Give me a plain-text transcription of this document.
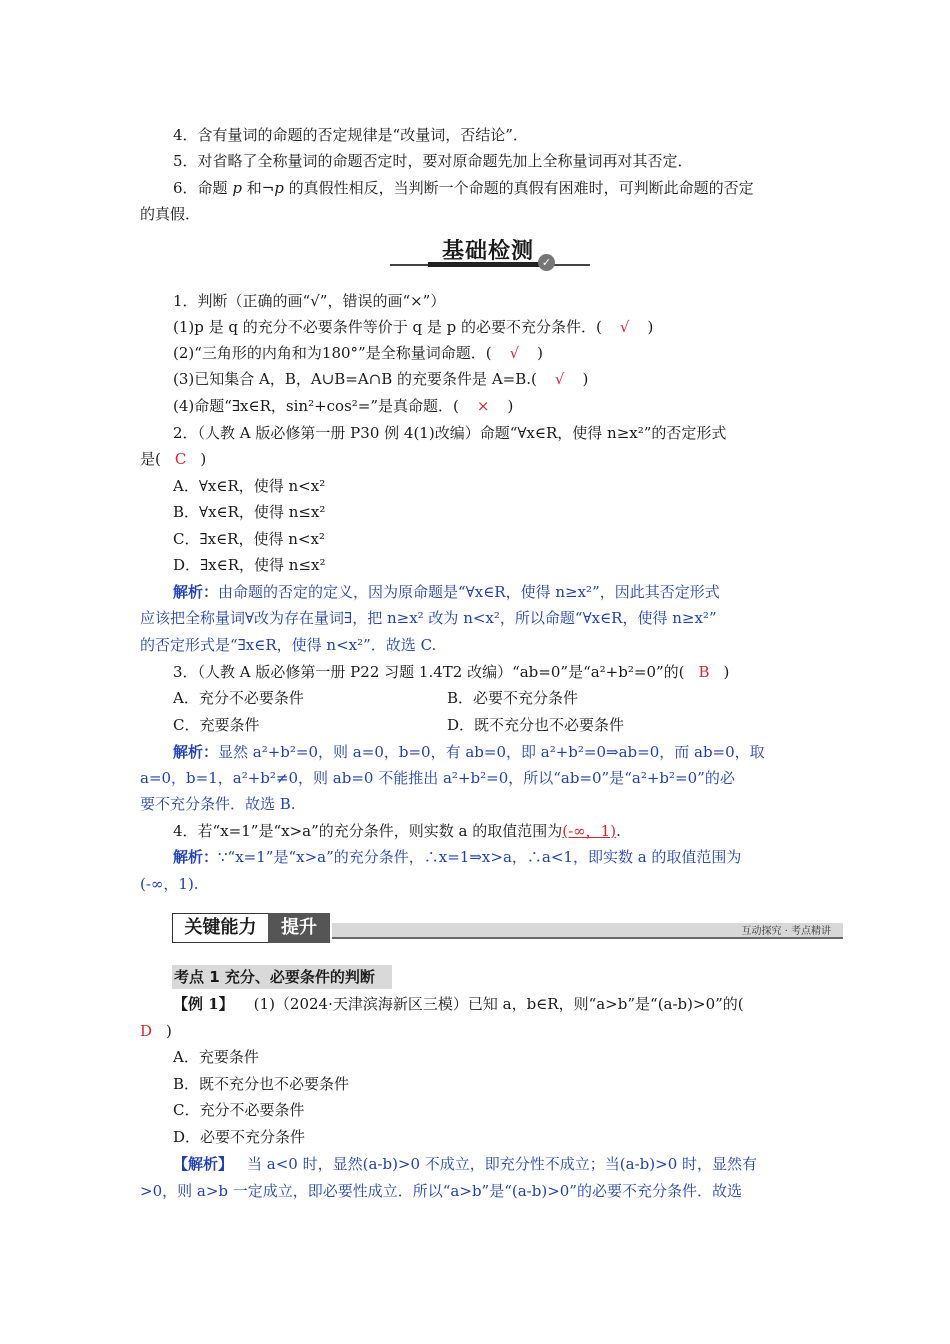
4．含有量词的命题的否定规律是“改量词，否结论”．
5．对省略了全称量词的命题否定时，要对原命题先加上全称量词再对其否定．
6．命题 p 和¬p 的真假性相反，当判断一个命题的真假有困难时，可判断此命题的否定
的真假．
基础检测 ✓
1．判断（正确的画“√”，错误的画“×”）
(1)p 是 q 的充分不必要条件等价于 q 是 p 的必要不充分条件．( √ )
(2)“三角形的内角和为180°”是全称量词命题．( √ )
(3)已知集合 A，B，A∪B=A∩B 的充要条件是 A=B.( √ )
(4)命题“∃x∈R，sin²+cos²=”是真命题．( × )
2．（人教 A 版必修第一册 P30 例 4(1)改编）命题“∀x∈R，使得 n≥x²”的否定形式
是( C )
A．∀x∈R，使得 n<x²
B．∀x∈R，使得 n≤x²
C．∃x∈R，使得 n<x²
D．∃x∈R，使得 n≤x²
解析：由命题的否定的定义，因为原命题是“∀x∈R，使得 n≥x²”，因此其否定形式
应该把全称量词∀改为存在量词∃，把 n≥x² 改为 n<x²，所以命题“∀x∈R，使得 n≥x²”
的否定形式是“∃x∈R，使得 n<x²”．故选 C.
3．（人教 A 版必修第一册 P22 习题 1.4T2 改编）“ab=0”是“a²+b²=0”的( B )
A．充分不必要条件	B．必要不充分条件
C．充要条件	D．既不充分也不必要条件
解析：显然 a²+b²=0，则 a=0，b=0，有 ab=0，即 a²+b²=0⇒ab=0，而 ab=0，取
a=0，b=1，a²+b²≠0，则 ab=0 不能推出 a²+b²=0，所以“ab=0”是“a²+b²=0”的必
要不充分条件．故选 B.
4．若“x=1”是“x>a”的充分条件，则实数 a 的取值范围为(-∞，1).
解析：∵“x=1”是“x>a”的充分条件，∴x=1⇒x>a，∴a<1，即实数 a 的取值范围为
(-∞，1).
关键能力	提升	互动探究 · 考点精讲
考点 1 充分、必要条件的判断
【例 1】 (1)（2024·天津滨海新区三模）已知 a，b∈R，则“a>b”是“(a-b)>0”的(
D )
A．充要条件
B．既不充分也不必要条件
C．充分不必要条件
D．必要不充分条件
【解析】 当 a<0 时，显然(a-b)>0 不成立，即充分性不成立；当(a-b)>0 时，显然有
>0，则 a>b 一定成立，即必要性成立．所以“a>b”是“(a-b)>0”的必要不充分条件．故选
